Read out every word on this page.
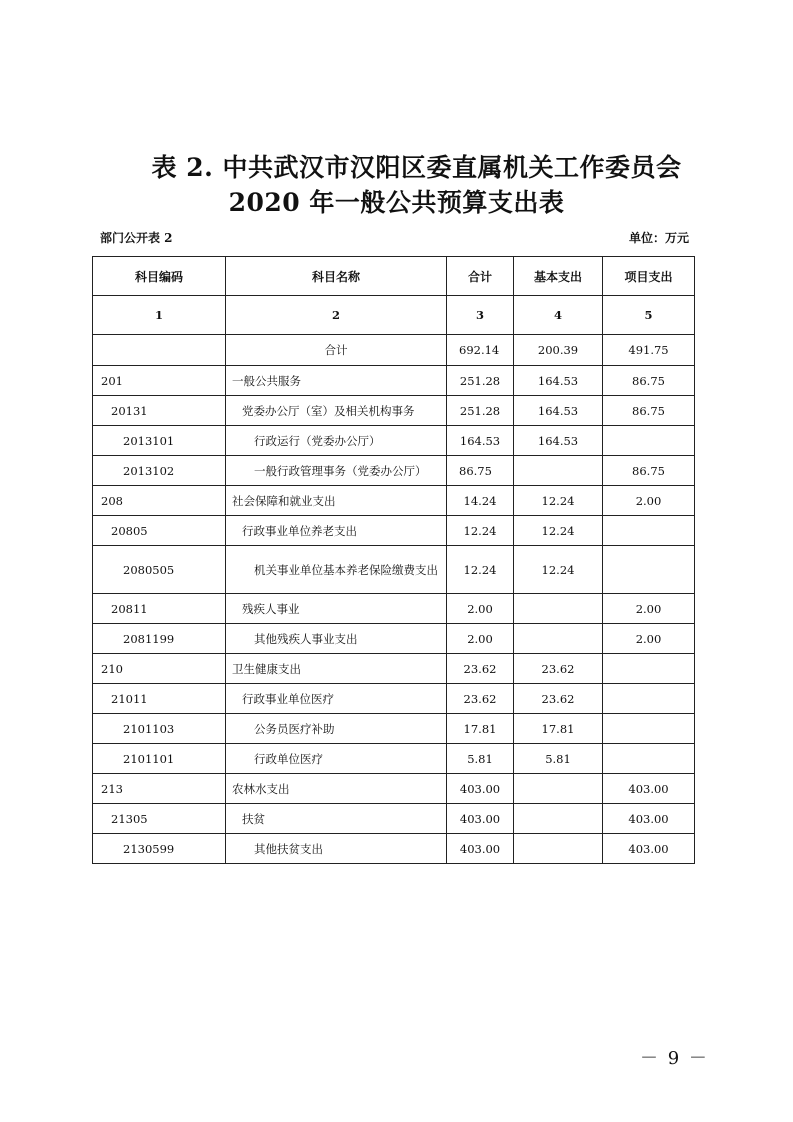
表 2. 中共武汉市汉阳区委直属机关工作委员会
2020 年一般公共预算支出表
部门公开表 2	单位：万元
科目编码	科目名称	合计	基本支出	项目支出
1	2	3	4	5
	合计	692.14	200.39	491.75
201	一般公共服务	251.28	164.53	86.75
20131	党委办公厅（室）及相关机构事务	251.28	164.53	86.75
2013101	行政运行（党委办公厅）	164.53	164.53	
2013102	一般行政管理事务（党委办公厅）	86.75		86.75
208	社会保障和就业支出	14.24	12.24	2.00
20805	行政事业单位养老支出	12.24	12.24	
2080505	机关事业单位基本养老保险缴费支出	12.24	12.24	
20811	残疾人事业	2.00		2.00
2081199	其他残疾人事业支出	2.00		2.00
210	卫生健康支出	23.62	23.62	
21011	行政事业单位医疗	23.62	23.62	
2101103	公务员医疗补助	17.81	17.81	
2101101	行政单位医疗	5.81	5.81	
213	农林水支出	403.00		403.00
21305	扶贫	403.00		403.00
2130599	其他扶贫支出	403.00		403.00
－ 9 －
